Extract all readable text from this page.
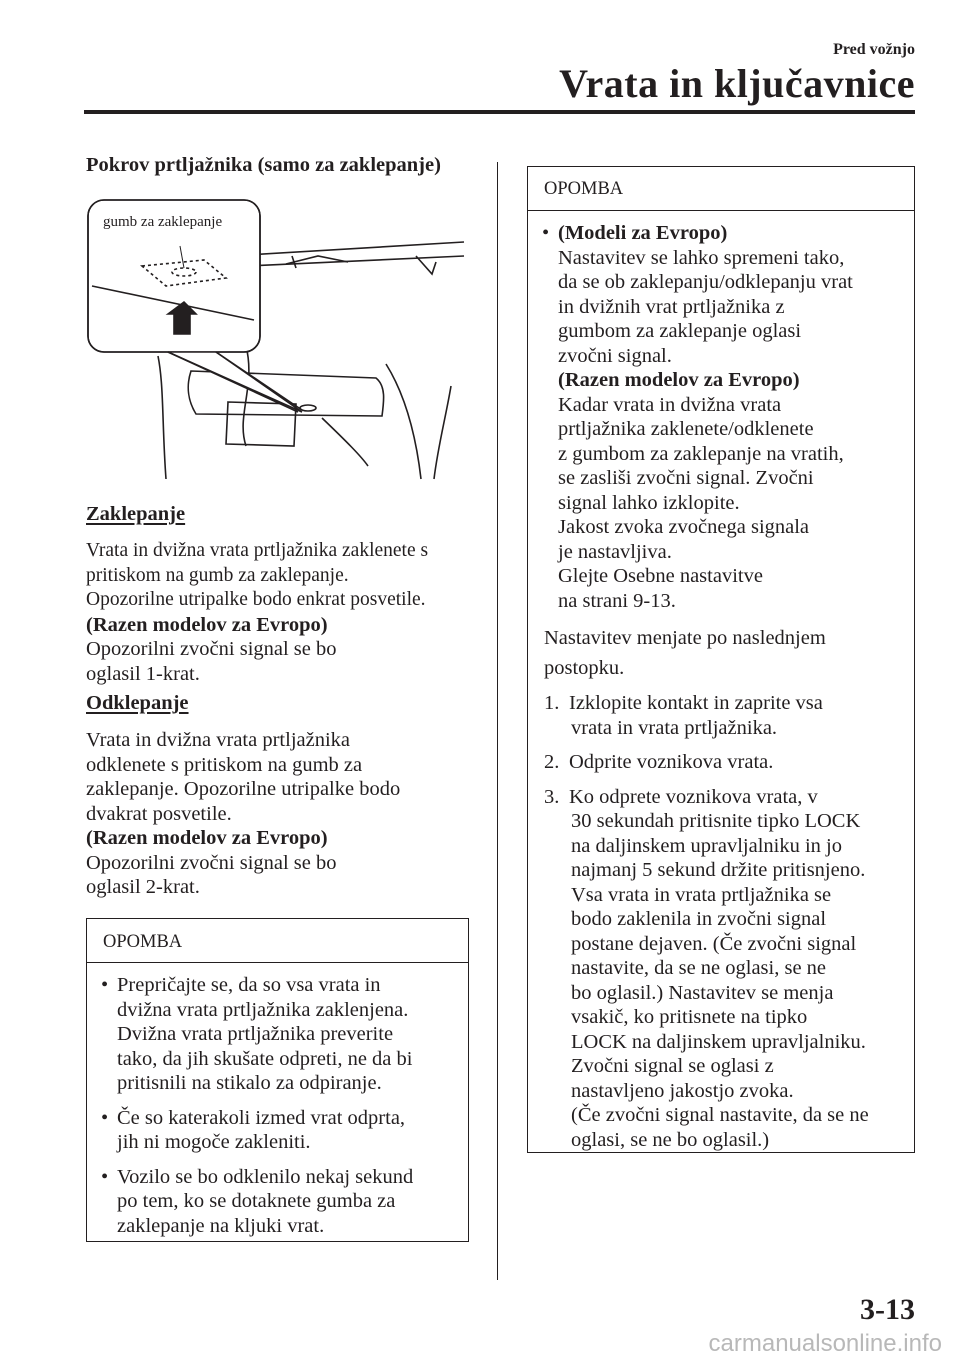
Pred vožnjo
Vrata in ključavnice
Pokrov prtljažnika (samo za zaklepanje)
gumb za zaklepanje
Zaklepanje
Vrata in dvižna vrata prtljažnika zaklenete s
pritiskom na gumb za zaklepanje.
Opozorilne utripalke bodo enkrat posvetile.
(Razen modelov za Evropo)
Opozorilni zvočni signal se bo
oglasil 1-krat.
Odklepanje
Vrata in dvižna vrata prtljažnika
odklenete s pritiskom na gumb za
zaklepanje. Opozorilne utripalke bodo
dvakrat posvetile.
(Razen modelov za Evropo)
Opozorilni zvočni signal se bo
oglasil 2-krat.
OPOMBA
• Prepričajte se, da so vsa vrata in
dvižna vrata prtljažnika zaklenjena.
Dvižna vrata prtljažnika preverite
tako, da jih skušate odpreti, ne da bi
pritisnili na stikalo za odpiranje.
• Če so katerakoli izmed vrat odprta,
jih ni mogoče zakleniti.
• Vozilo se bo odklenilo nekaj sekund
po tem, ko se dotaknete gumba za
zaklepanje na kljuki vrat.
OPOMBA
• (Modeli za Evropo)
Nastavitev se lahko spremeni tako,
da se ob zaklepanju/odklepanju vrat
in dvižnih vrat prtljažnika z
gumbom za zaklepanje oglasi
zvočni signal.
(Razen modelov za Evropo)
Kadar vrata in dvižna vrata
prtljažnika zaklenete/odklenete
z gumbom za zaklepanje na vratih,
se zasliši zvočni signal. Zvočni
signal lahko izklopite.
Jakost zvoka zvočnega signala
je nastavljiva.
Glejte Osebne nastavitve
na strani 9-13.
Nastavitev menjate po naslednjem
postopku.
1. Izklopite kontakt in zaprite vsa
vrata in vrata prtljažnika.
2. Odprite voznikova vrata.
3. Ko odprete voznikova vrata, v
30 sekundah pritisnite tipko LOCK
na daljinskem upravljalniku in jo
najmanj 5 sekund držite pritisnjeno.
Vsa vrata in vrata prtljažnika se
bodo zaklenila in zvočni signal
postane dejaven. (Če zvočni signal
nastavite, da se ne oglasi, se ne
bo oglasil.) Nastavitev se menja
vsakič, ko pritisnete na tipko
LOCK na daljinskem upravljalniku.
Zvočni signal se oglasi z
nastavljeno jakostjo zvoka.
(Če zvočni signal nastavite, da se ne
oglasi, se ne bo oglasil.)
3-13
carmanualsonline.info
